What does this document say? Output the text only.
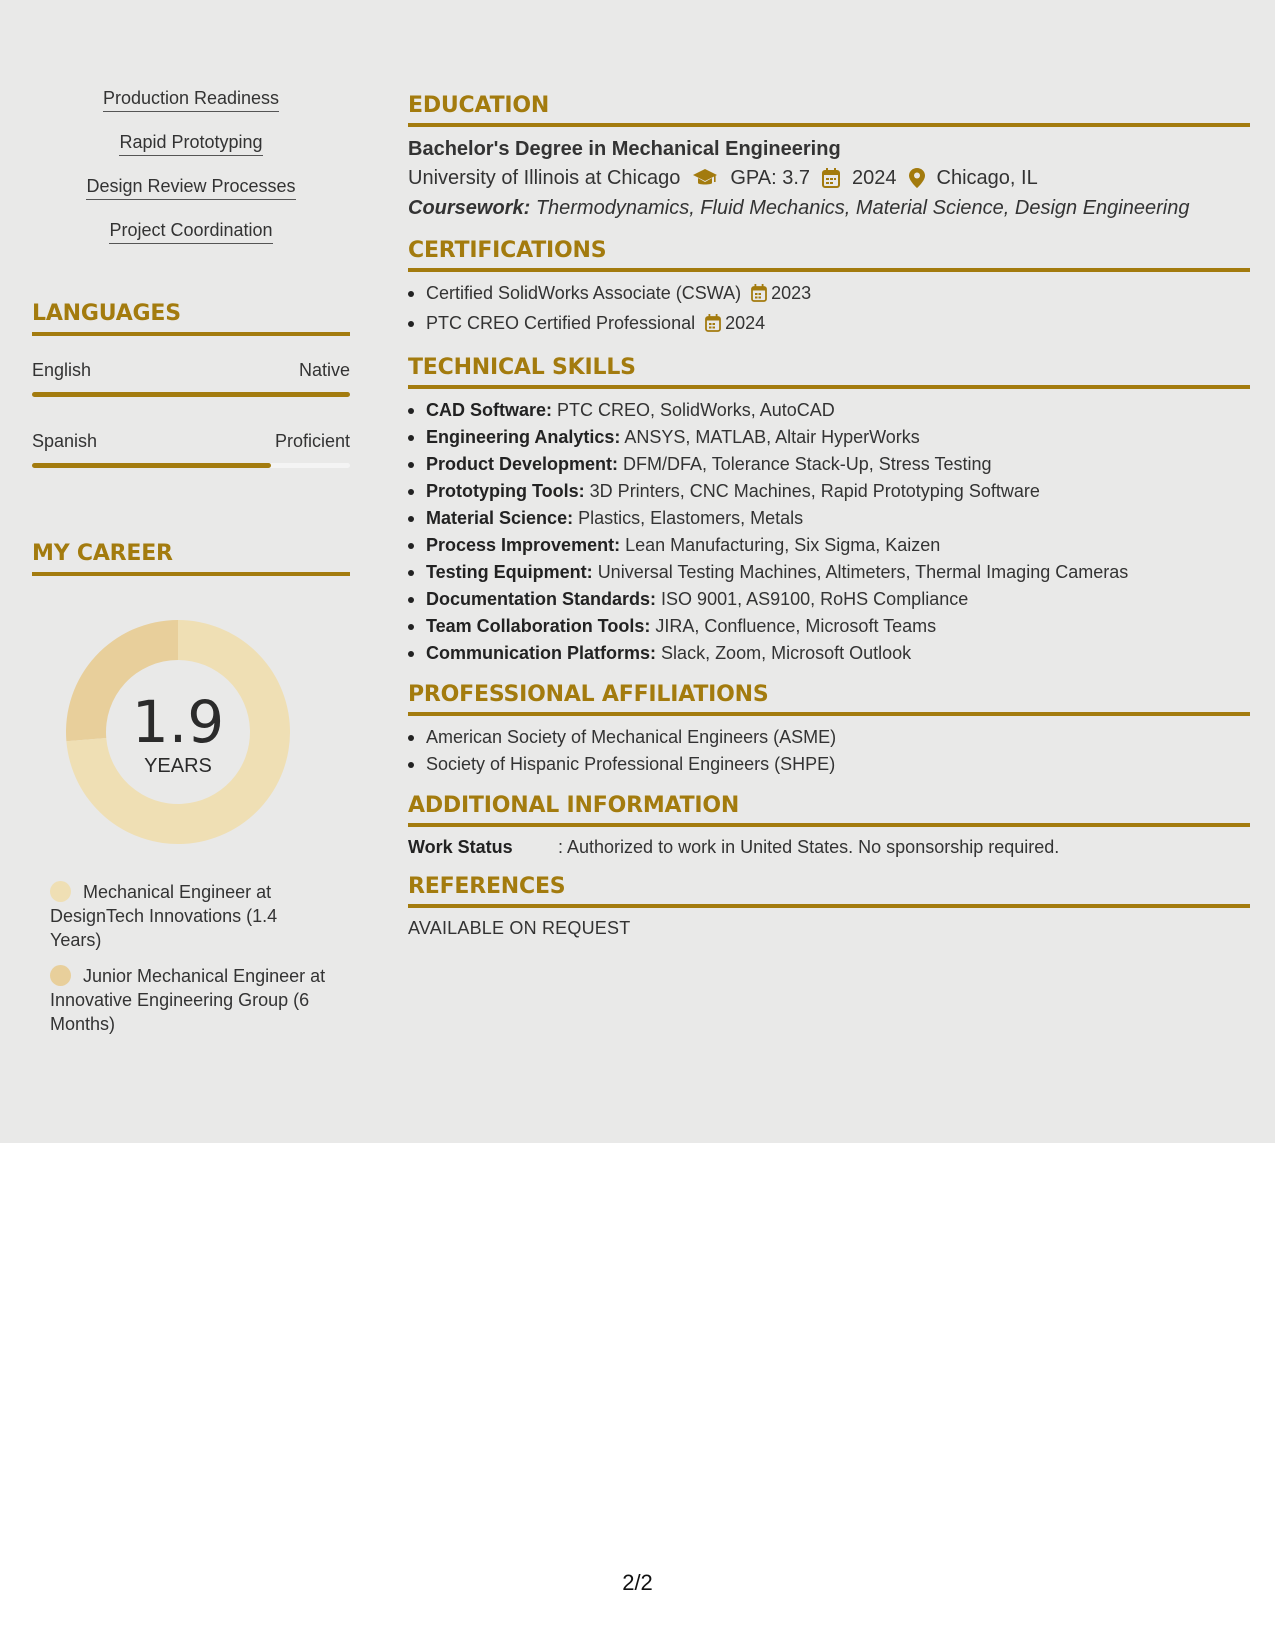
Production Readiness
Rapid Prototyping
Design Review Processes
Project Coordination
LANGUAGES
English	Native
Spanish	Proficient
MY CAREER
1.9
YEARS
Mechanical Engineer at DesignTech Innovations (1.4 Years)
Junior Mechanical Engineer at Innovative Engineering Group (6 Months)
EDUCATION
Bachelor's Degree in Mechanical Engineering
University of Illinois at Chicago	GPA: 3.7 2024 Chicago, IL
Coursework: Thermodynamics, Fluid Mechanics, Material Science, Design Engineering
CERTIFICATIONS
Certified SolidWorks Associate (CSWA) 2023
PTC CREO Certified Professional 2024
TECHNICAL SKILLS
CAD Software: PTC CREO, SolidWorks, AutoCAD
Engineering Analytics: ANSYS, MATLAB, Altair HyperWorks
Product Development: DFM/DFA, Tolerance Stack-Up, Stress Testing
Prototyping Tools: 3D Printers, CNC Machines, Rapid Prototyping Software
Material Science: Plastics, Elastomers, Metals
Process Improvement: Lean Manufacturing, Six Sigma, Kaizen
Testing Equipment: Universal Testing Machines, Altimeters, Thermal Imaging Cameras
Documentation Standards: ISO 9001, AS9100, RoHS Compliance
Team Collaboration Tools: JIRA, Confluence, Microsoft Teams
Communication Platforms: Slack, Zoom, Microsoft Outlook
PROFESSIONAL AFFILIATIONS
American Society of Mechanical Engineers (ASME)
Society of Hispanic Professional Engineers (SHPE)
ADDITIONAL INFORMATION
Work Status	: Authorized to work in United States. No sponsorship required.
REFERENCES
AVAILABLE ON REQUEST
2/2
